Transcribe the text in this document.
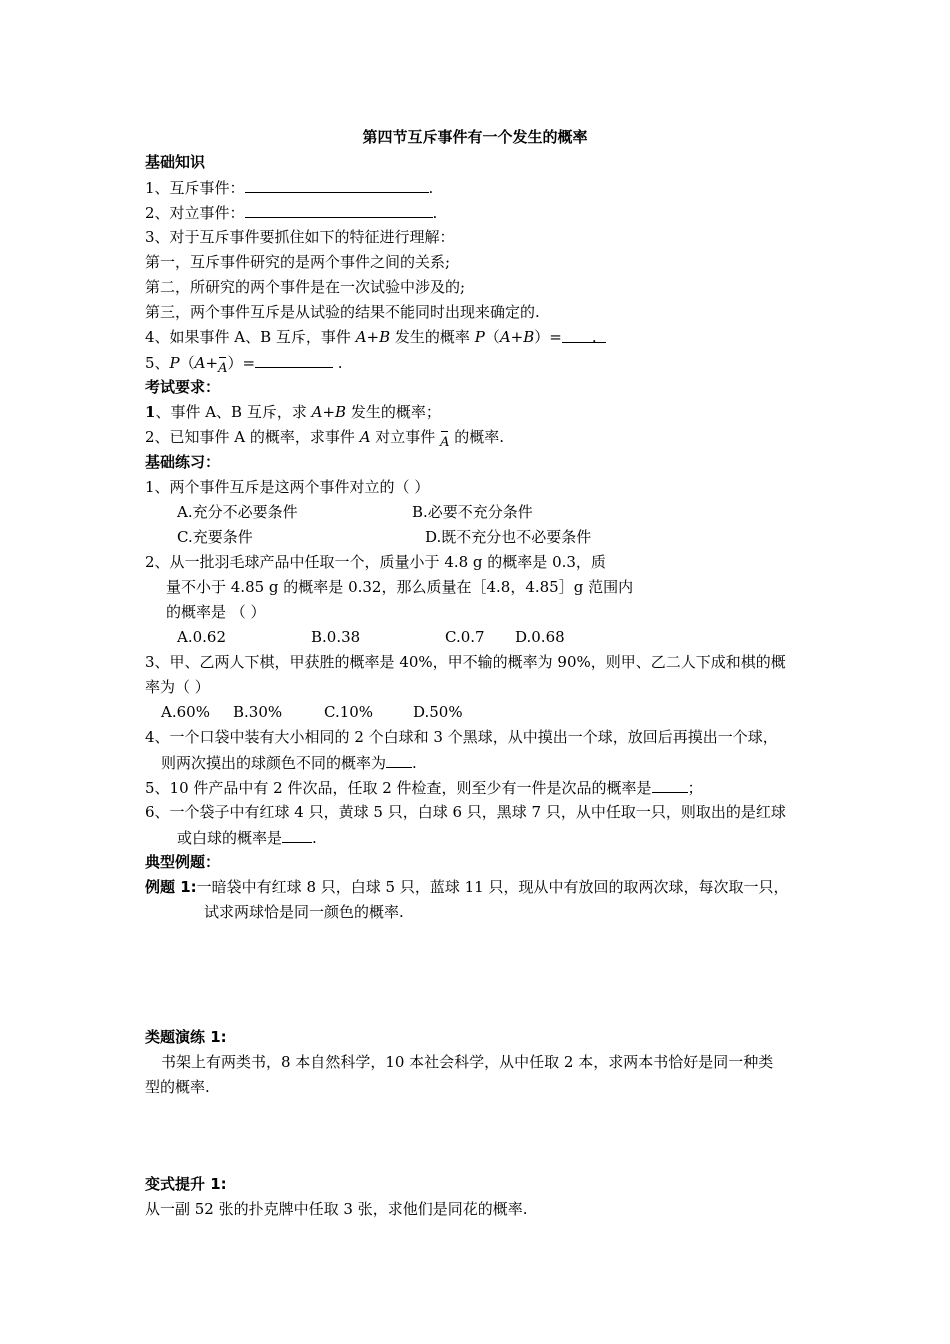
第四节互斥事件有一个发生的概率
基础知识
1、互斥事件：	.
2、对立事件：	.
3、对于互斥事件要抓住如下的特征进行理解：
第一，互斥事件研究的是两个事件之间的关系;
第二，所研究的两个事件是在一次试验中涉及的;
第三，两个事件互斥是从试验的结果不能同时出现来确定的.
4、如果事件 A、B 互斥，事件 A+B 发生的概率 P（A+B）= .
5、P（A+A）=	.
考试要求：
1、事件 A、B 互斥，求 A+B 发生的概率；
2、已知事件 A 的概率，求事件 A 对立事件 A 的概率.
基础练习：
1、两个事件互斥是这两个事件对立的（ ）
A.充分不必要条件	B.必要不充分条件
C.充要条件	D.既不充分也不必要条件
2、从一批羽毛球产品中任取一个，质量小于 4.8 g 的概率是 0.3，质
量不小于 4.85 g 的概率是 0.32，那么质量在［4.8，4.85］g 范围内
的概率是 （ ）
A.0.62	B.0.38	C.0.7 D.0.68
3、甲、乙两人下棋，甲获胜的概率是 40%，甲不输的概率为 90%，则甲、乙二人下成和棋的概
率为（ ）
A.60% B.30%	C.10%	D.50%
4、一个口袋中装有大小相同的 2 个白球和 3 个黑球，从中摸出一个球，放回后再摸出一个球，
则两次摸出的球颜色不同的概率为 .
5、10 件产品中有 2 件次品，任取 2 件检查，则至少有一件是次品的概率是 ；
6、一个袋子中有红球 4 只，黄球 5 只，白球 6 只，黑球 7 只，从中任取一只，则取出的是红球
或白球的概率是 .
典型例题：
例题 1:一暗袋中有红球 8 只，白球 5 只，蓝球 11 只，现从中有放回的取两次球，每次取一只，
试求两球恰是同一颜色的概率.
类题演练 1:
书架上有两类书，8 本自然科学，10 本社会科学，从中任取 2 本，求两本书恰好是同一种类
型的概率.
变式提升 1:
从一副 52 张的扑克牌中任取 3 张，求他们是同花的概率.
